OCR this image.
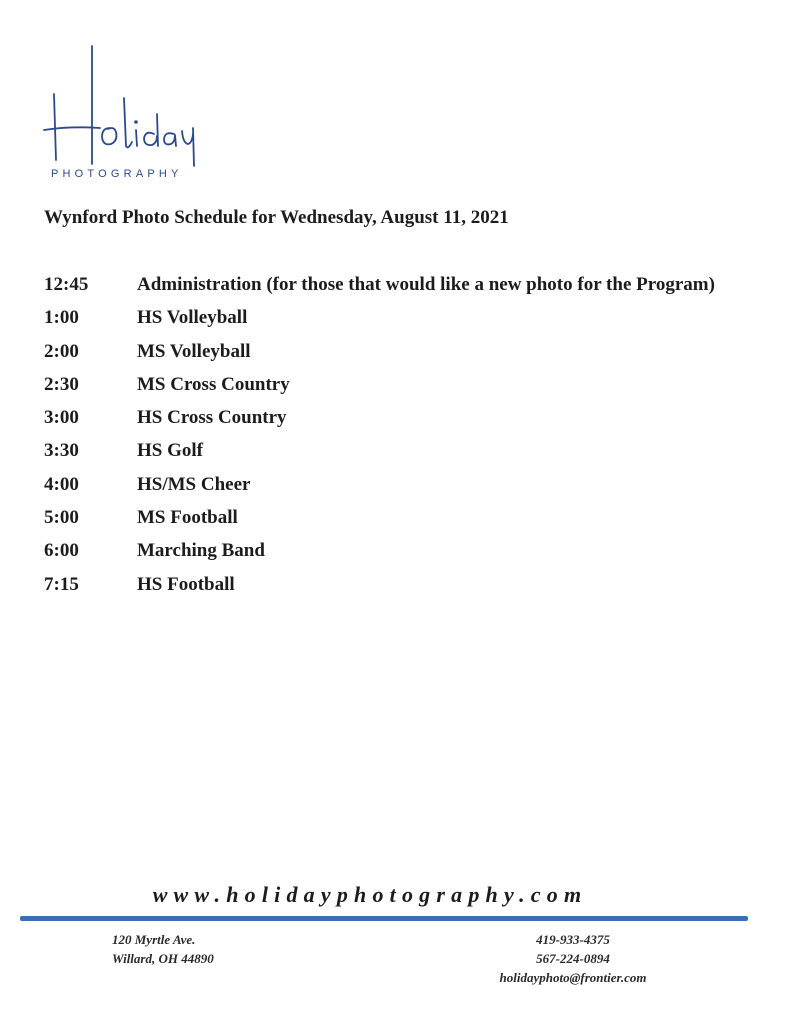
PHOTOGRAPHY
Wynford Photo Schedule for Wednesday, August 11, 2021
12:45	Administration (for those that would like a new photo for the Program)
1:00	HS Volleyball
2:00	MS Volleyball
2:30	MS Cross Country
3:00	HS Cross Country
3:30	HS Golf
4:00	HS/MS Cheer
5:00	MS Football
6:00	Marching Band
7:15	HS Football
www.holidayphotography.com
120 Myrtle Ave.
Willard, OH 44890
419-933-4375
567-224-0894
holidayphoto@frontier.com
